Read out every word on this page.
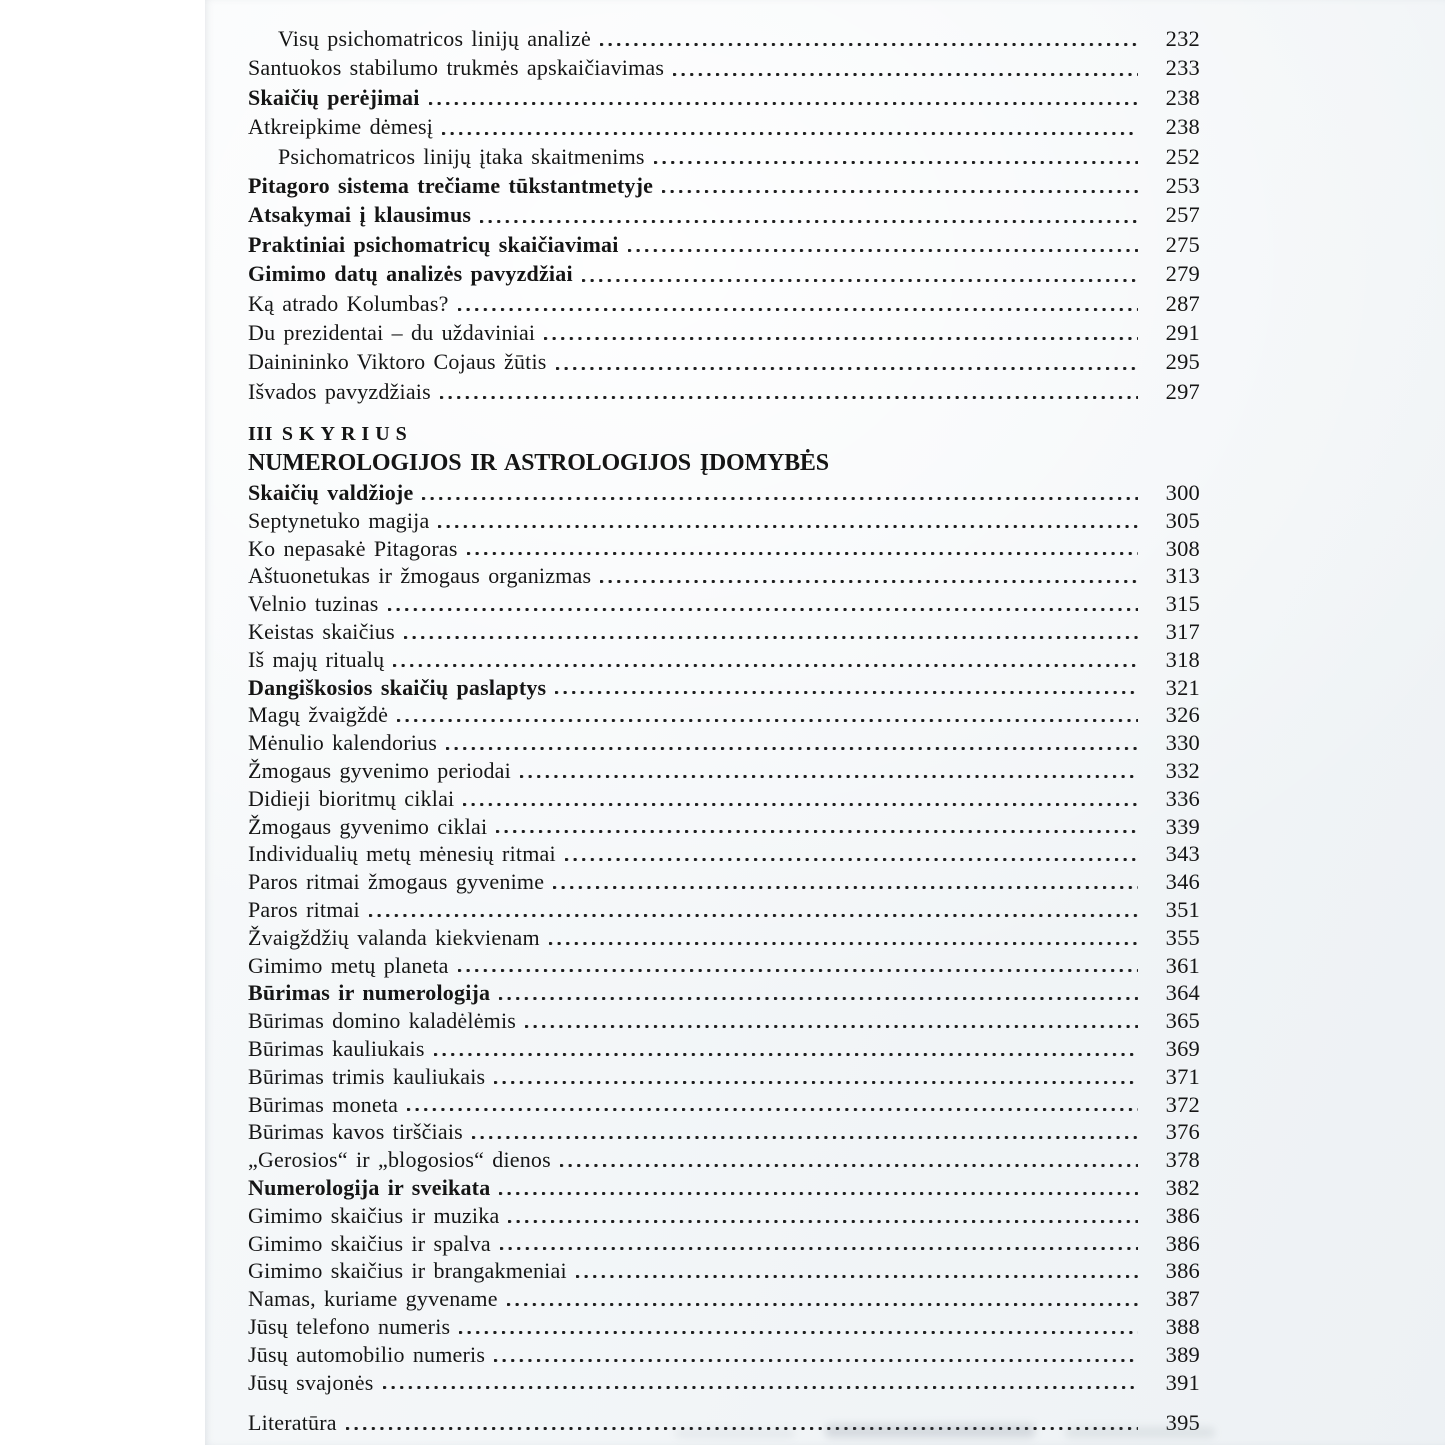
Visų psichomatricos linijų analizė	232
Santuokos stabilumo trukmės apskaičiavimas	233
Skaičių perėjimai	238
Atkreipkime dėmesį	238
Psichomatricos linijų įtaka skaitmenims	252
Pitagoro sistema trečiame tūkstantmetyje	253
Atsakymai į klausimus	257
Praktiniai psichomatricų skaičiavimai	275
Gimimo datų analizės pavyzdžiai	279
Ką atrado Kolumbas?	287
Du prezidentai – du uždaviniai	291
Dainininko Viktoro Cojaus žūtis	295
Išvados pavyzdžiais	297
III SKYRIUS
NUMEROLOGIJOS IR ASTROLOGIJOS ĮDOMYBĖS
Skaičių valdžioje	300
Septynetuko magija	305
Ko nepasakė Pitagoras	308
Aštuonetukas ir žmogaus organizmas	313
Velnio tuzinas	315
Keistas skaičius	317
Iš majų ritualų	318
Dangiškosios skaičių paslaptys	321
Magų žvaigždė	326
Mėnulio kalendorius	330
Žmogaus gyvenimo periodai	332
Didieji bioritmų ciklai	336
Žmogaus gyvenimo ciklai	339
Individualių metų mėnesių ritmai	343
Paros ritmai žmogaus gyvenime	346
Paros ritmai	351
Žvaigždžių valanda kiekvienam	355
Gimimo metų planeta	361
Būrimas ir numerologija	364
Būrimas domino kaladėlėmis	365
Būrimas kauliukais	369
Būrimas trimis kauliukais	371
Būrimas moneta	372
Būrimas kavos tirščiais	376
„Gerosios“ ir „blogosios“ dienos	378
Numerologija ir sveikata	382
Gimimo skaičius ir muzika	386
Gimimo skaičius ir spalva	386
Gimimo skaičius ir brangakmeniai	386
Namas, kuriame gyvename	387
Jūsų telefono numeris	388
Jūsų automobilio numeris	389
Jūsų svajonės	391
Literatūra	395
